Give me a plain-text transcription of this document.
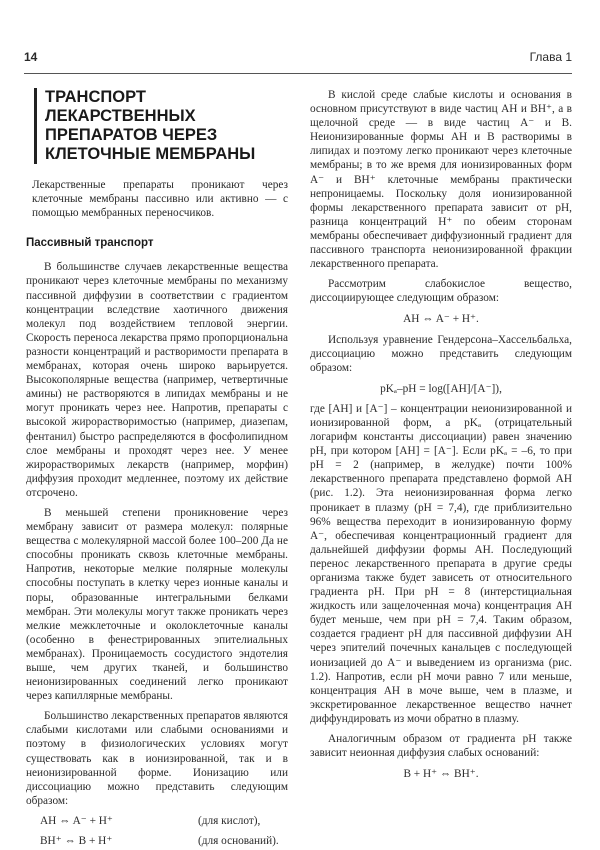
14	Глава 1
ТРАНСПОРТ ЛЕКАРСТВЕННЫХ ПРЕПАРАТОВ ЧЕРЕЗ КЛЕТОЧНЫЕ МЕМБРАНЫ

Лекарственные препараты проникают через клеточные мембраны пассивно или активно — с помощью мембранных переносчиков.

Пассивный транспорт

В большинстве случаев лекарственные вещества проникают через клеточные мембраны по механизму пассивной диффузии в соответствии с градиентом концентрации вследствие хаотичного движения молекул под воздействием тепловой энергии. Скорость переноса лекарства прямо пропорциональна разности концентраций и растворимости препарата в мембранах, которая очень широко варьируется. Высокополярные вещества (например, четвертичные амины) не растворяются в липидах мембраны и не могут проникать через нее. Напротив, препараты с высокой жирорастворимостью (например, диазепам, фентанил) быстро распределяются в фосфолипидном слое мембраны и проходят через нее. У менее жирорастворимых лекарств (например, морфин) диффузия проходит медленнее, поэтому их действие отсрочено.

В меньшей степени проникновение через мембрану зависит от размера молекул: полярные вещества с молекулярной массой более 100–200 Да не способны проникать сквозь клеточные мембраны. Напротив, некоторые мелкие полярные молекулы способны поступать в клетку через ионные каналы и поры, образованные интегральными белками мембран. Эти молекулы могут также проникать через мелкие межклеточные и околоклеточные каналы (особенно в фенестрированных эпителиальных мембранах). Проницаемость сосудистого эндотелия выше, чем других тканей, и большинство неионизированных соединений легко проникают через капиллярные мембраны.

Большинство лекарственных препаратов являются слабыми кислотами или слабыми основаниями и поэтому в физиологических условиях могут существовать как в ионизированной, так и в неионизированной форме. Ионизацию или диссоциацию можно представить следующим образом:

AH ⇔ A⁻ + H⁺	(для кислот),
BH⁺ ⇔ B + H⁺	(для оснований).

В кислой среде слабые кислоты и основания в основном присутствуют в виде частиц AH и BH⁺, а в щелочной среде — в виде частиц A⁻ и B. Неионизированные формы AH и B растворимы в липидах и поэтому легко проникают через клеточные мембраны; в то же время для ионизированных форм A⁻ и BH⁺ клеточные мембраны практически непроницаемы. Поскольку доля ионизированной формы лекарственного препарата зависит от pH, разница концентраций H⁺ по обеим сторонам мембраны обеспечивает диффузионный градиент для пассивного транспорта неионизированной фракции лекарственного препарата.

Рассмотрим слабокислое вещество, диссоциирующее следующим образом:

AH ⇔ A⁻ + H⁺.

Используя уравнение Гендерсона–Хассельбальха, диссоциацию можно представить следующим образом:

pKₐ–pH = log([AH]/[A⁻]),

где [AH] и [A⁻] – концентрации неионизированной и ионизированной форм, а pKₐ (отрицательный логарифм константы диссоциации) равен значению pH, при котором [AH] = [A⁻]. Если pKₐ = –6, то при pH = 2 (например, в желудке) почти 100% лекарственного препарата представлено формой AH (рис. 1.2). Эта неионизированная форма легко проникает в плазму (pH = 7,4), где приблизительно 96% вещества переходит в ионизированную форму A⁻, обеспечивая концентрационный градиент для дальнейшей диффузии формы AH. Последующий перенос лекарственного препарата в другие среды организма также будет зависеть от относительного градиента pH. При pH = 8 (интерстициальная жидкость или защелоченная моча) концентрация AH будет меньше, чем при pH = 7,4. Таким образом, создается градиент pH для пассивной диффузии AH через эпителий почечных канальцев с последующей ионизацией до A⁻ и выведением из организма (рис. 1.2). Напротив, если pH мочи равно 7 или меньше, концентрация AH в моче выше, чем в плазме, и экскретированное лекарственное вещество начнет диффундировать из мочи обратно в плазму.

Аналогичным образом от градиента pH также зависит неионная диффузия слабых оснований:

B + H⁺ ⇔ BH⁺.
